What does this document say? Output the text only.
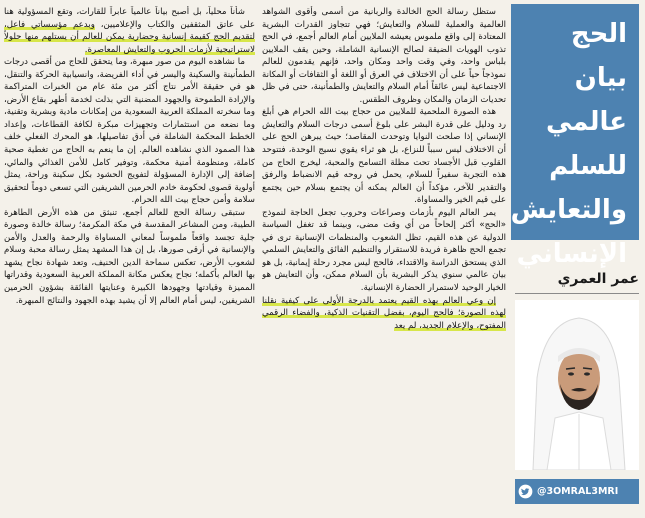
شأناً محلياً، بل أصبح بياناً عالمياً عابراً للقارات، وتقع المسؤولية هنا على عاتق المثقفين والكتاب والإعلاميين، وبدعم مؤسساتي فاعل، لتقديم الحج كقيمة إنسانية وحضارية يمكن للعالم أن يستلهم منها حلولاً لاستراتيجية لأزمات الحروب والتعايش المعاصرة.

ما نشاهده اليوم من صور مبهرة، وما يتحقق للحاج من أقصى درجات الطمأنينة والسكينة واليسر في أداء الفريضة، وانسيابية الحركة والتنقل، هو في حقيقة الأمر نتاج أكثر من مئة عام من الخبرات المتراكمة والإرادة الطموحة والجهود المضنية التي بذلت لخدمة أطهر بقاع الأرض، وما سخرته المملكة العربية السعودية من إمكانات مادية وبشرية وتقنية، وما نضعه من استثمارات وتجهيزات مبكرة لكافة القطاعات، وإعداد الخطط المحكمة الشاملة في أدق تفاصيلها، هو المحرك الفعلي خلف هذا الصمود الذي نشاهده العالم. إن ما ينعم به الحاج من تغطية صحية كاملة، ومنظومة أمنية محكمة، وتوفير كامل للأمن الغذائي والمائي، إضافة إلى الإدارة المسؤولة لتفويج الحشود بكل سكينة وراحة، يمثل أولوية قصوى لحكومة خادم الحرمين الشريفين التي تسعى دوماً لتحقيق سلامة وأمن حجاج بيت الله الحرام.

ستبقى رسالة الحج للعالم أجمع، تنبثق من هذه الأرض الطاهرة الطيبة، ومن المشاعر المقدسة في مكة المكرمة؛ رسالة خالدة وصورة جلية تجسد واقعاً ملموساً لمعاني المساواة والرحمة والعدل والأمن والإنسانية في أرقى صورها، بل إن هذا المشهد يمثل رسالة محبة وسلام لشعوب الأرض، تعكس سماحة الدين الحنيف، وتعد شهادة نجاح يشهد بها العالم بأكمله؛ نجاح يعكس مكانة المملكة العربية السعودية وقدراتها المميزة وقيادتها وجهودها الكبيرة وعنايتها الفائقة بشؤون الحرمين الشريفين، ليس أمام العالم إلا أن يشيد بهذه الجهود والنتائج المبهرة.

ستظل رسالة الحج الخالدة والربانية من أسمى وأقوى الشواهد العالمية والعملية للسلام والتعايش؛ فهي تتجاوز القدرات البشرية المعتادة إلى واقع ملموس يعيشه الملايين أمام العالم أجمع، في الحج تذوب الهويات الضيقة لصالح الإنسانية الشاملة، وحين يقف الملايين بلباس واحد، وفي وقت واحد ومكان واحد، فإنهم يقدمون للعالم نموذجاً حياً على أن الاختلاف في العرق أو اللغة أو الثقافات أو المكانة الاجتماعية ليس عائقاً أمام السلام والتعايش والطمأنينة، حتى في ظل تحديات الزمان والمكان وظروف الطقس.

هذه الصورة الملحمية للملايين من حجاج بيت الله الحرام هي أبلغ رد ودليل على قدرة البشر على بلوغ أسمى درجات السلام والتعايش الإنساني إذا صلحت النوايا وتوحدت المقاصد؛ حيث يبرهن الحج على أن الاختلاف ليس سبباً للنزاع، بل هو ثراء يقوي نسيج الوحدة، فتتوحد القلوب قبل الأجساد تحت مظلة التسامح والمحبة، ليخرج الحاج من هذه التجربة سفيراً للسلام، يحمل في روحه قيم الانضباط والرفق والتقدير للآخر، مؤكداً أن العالم يمكنه أن يجتمع بسلام حين يجتمع على قيم الخير والمساواة.

يمر العالم اليوم بأزمات وصراعات وحروب تجعل الحاجة لنموذج «الحج» أكثر إلحاحاً من أي وقت مضى، وبينما قد تغفل السياسة الدولية عن هذه القيم، تظل الشعوب والمنظمات الإنسانية ترى في تجمع الحج ظاهرة فريدة للاستقرار والتنظيم الفائق والتعايش السلمي الذي يستحق الدراسة والاقتداء، فالحج ليس مجرد رحلة إيمانية، بل هو بيان عالمي سنوي يذكر البشرية بأن السلام ممكن، وأن التعايش هو الخيار الوحيد لاستمرار الحضارة الإنسانية.

إن وعي العالم بهذه القيم يعتمد بالدرجة الأولى على كيفية نقلنا لهذه الصورة؛ فالحج اليوم، بفضل التقنيات الذكية، والفضاء الرقمي المفتوح، والإعلام الجديد، لم يعد

الحج بيان عالمي للسلم والتعايش الإنساني
عمر العمري
@3OMRAL3MRI
